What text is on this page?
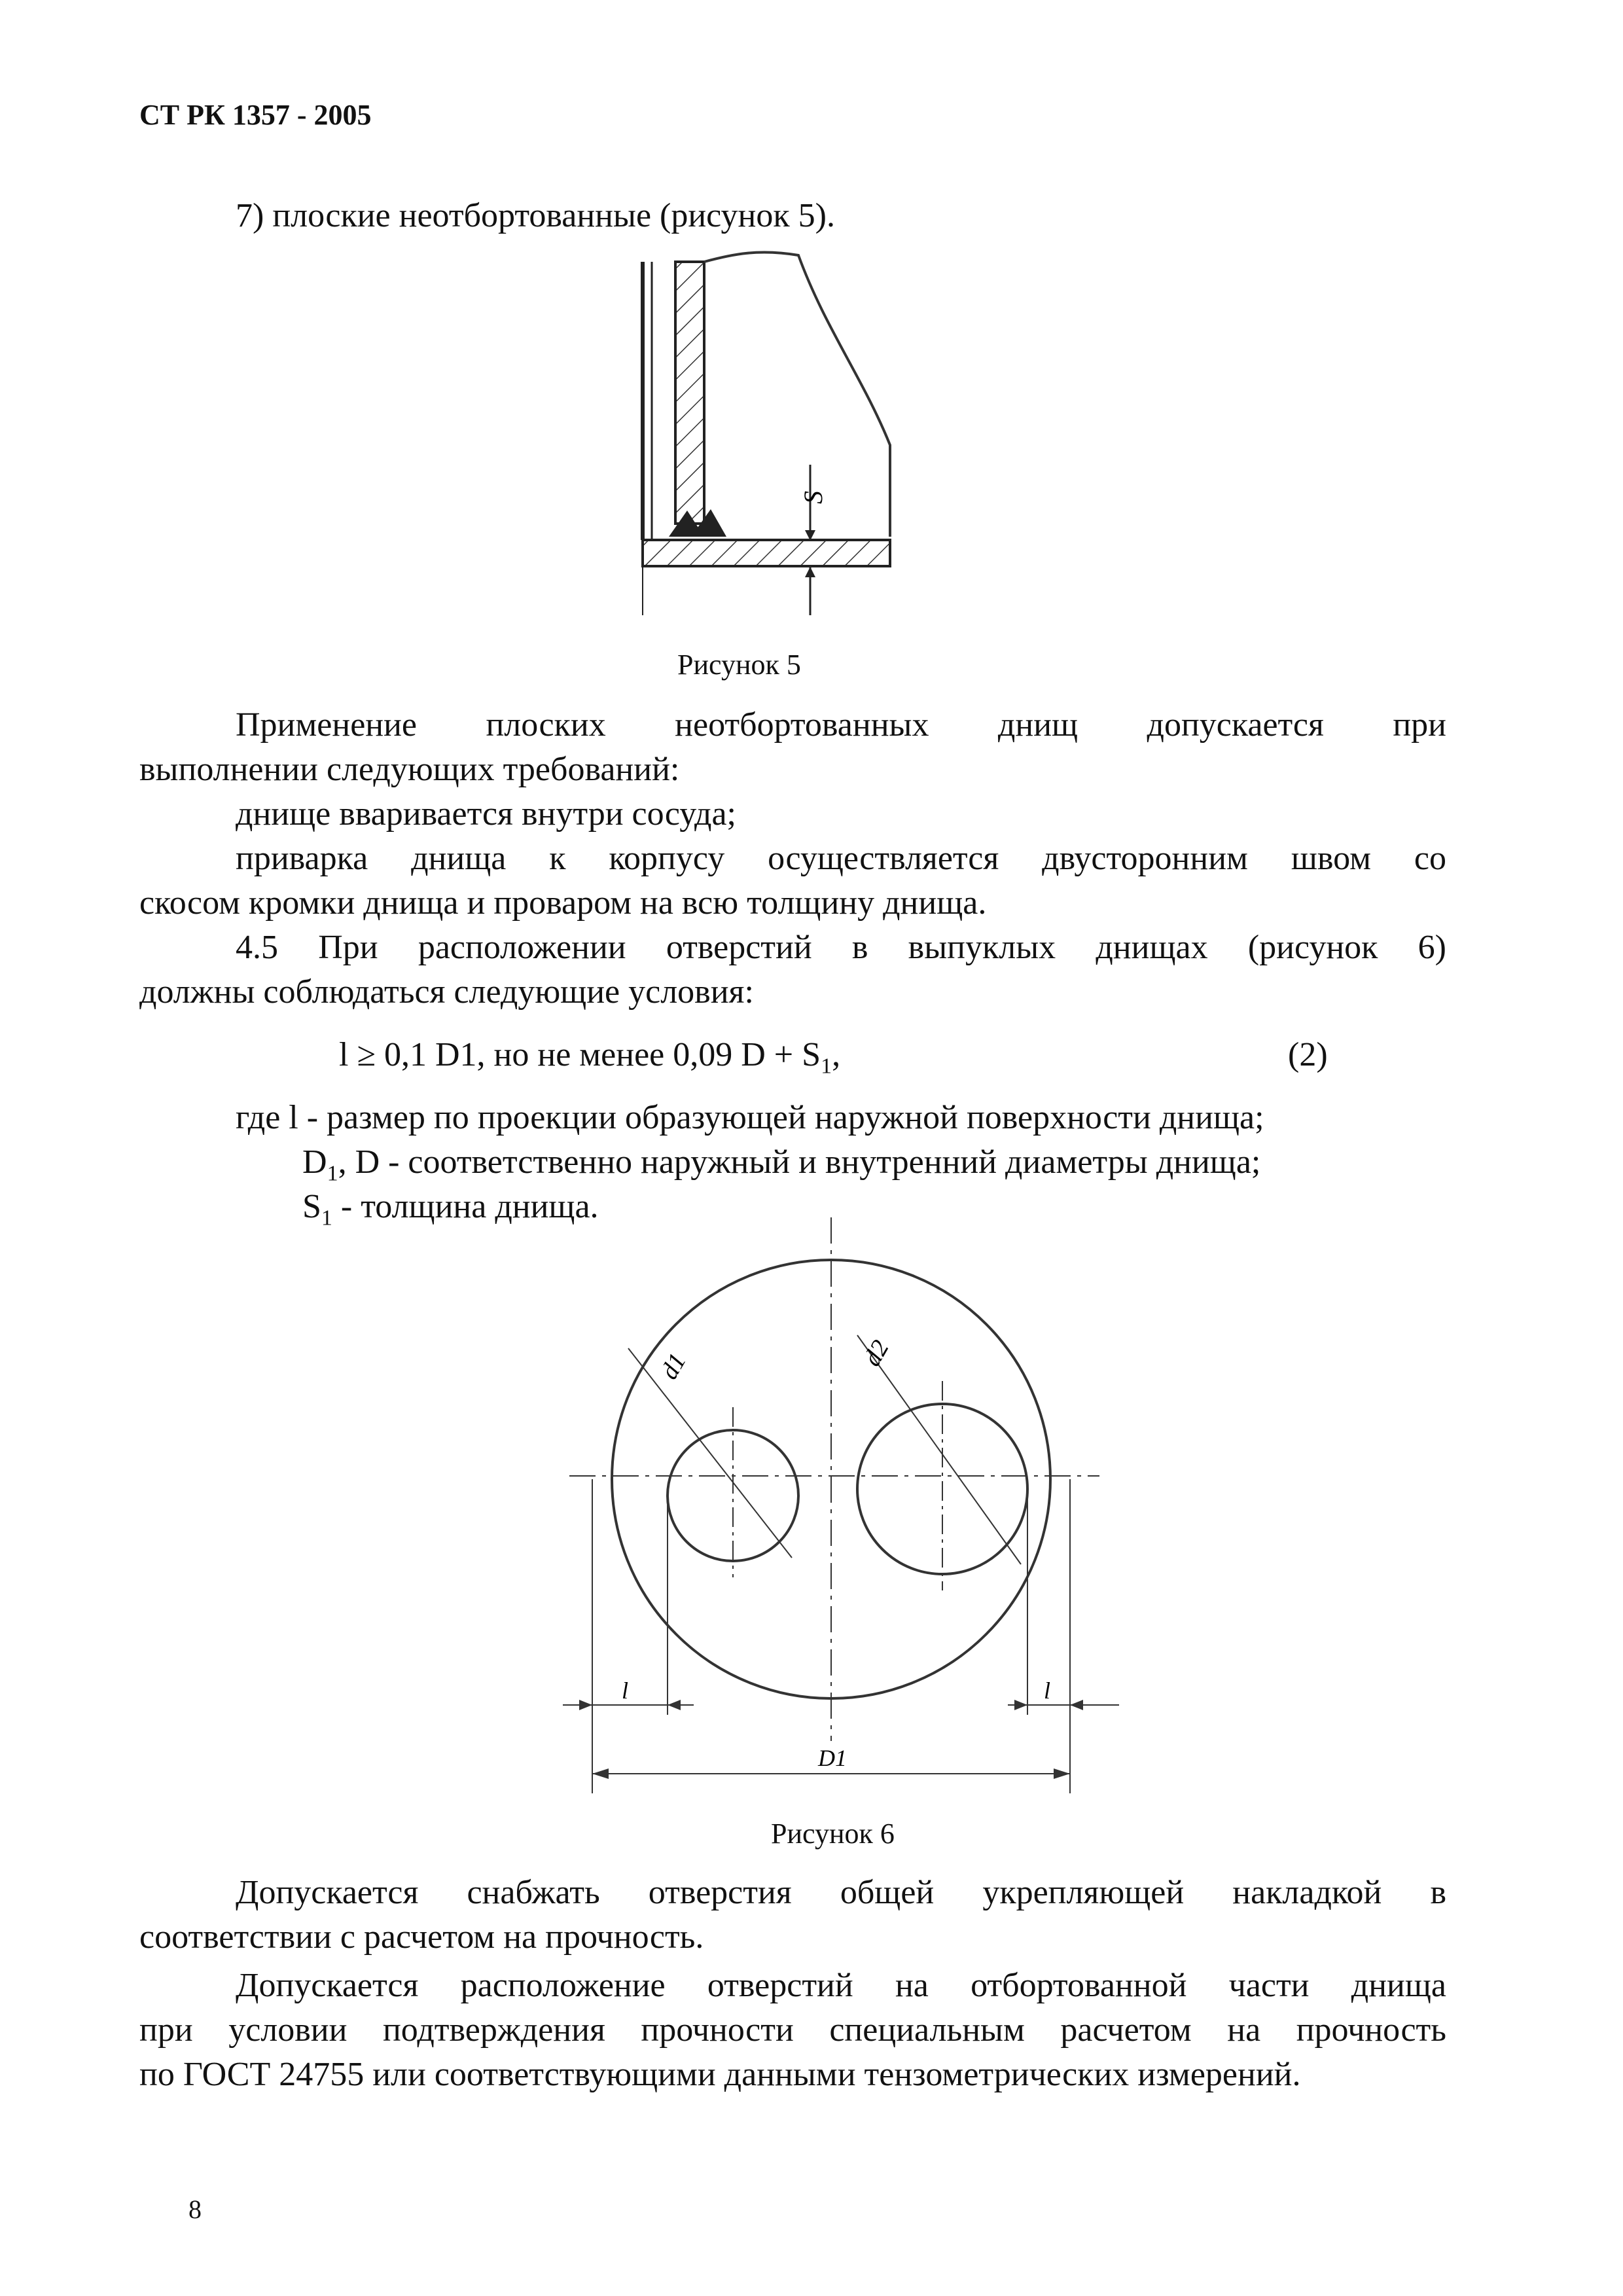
СТ РК 1357 - 2005
7) плоские неотбортованные (рисунок 5).
S
Рисунок 5
Применение плоских неотбортованных днищ допускается при
выполнении следующих требований:
днище вваривается внутри сосуда;
приварка днища к корпусу осуществляется двусторонним швом со
скосом кромки днища и проваром на всю толщину днища.
4.5 При расположении отверстий в выпуклых днищах (рисунок 6)
должны соблюдаться следующие условия:
l ≥ 0,1 D1, но не менее 0,09 $D + S_1$,	(2)
где l - размер по проекции образующей наружной поверхности днища;
$D_1$, D - соответственно наружный и внутренний диаметры днища;
$S_1$ - толщина днища.
d1	d2
l	l
D1
Рисунок 6
Допускается снабжать отверстия общей укрепляющей накладкой в
соответствии с расчетом на прочность.
Допускается расположение отверстий на отбортованной части днища
при условии подтверждения прочности специальным расчетом на прочность
по ГОСТ 24755 или соответствующими данными тензометрических измерений.
8
